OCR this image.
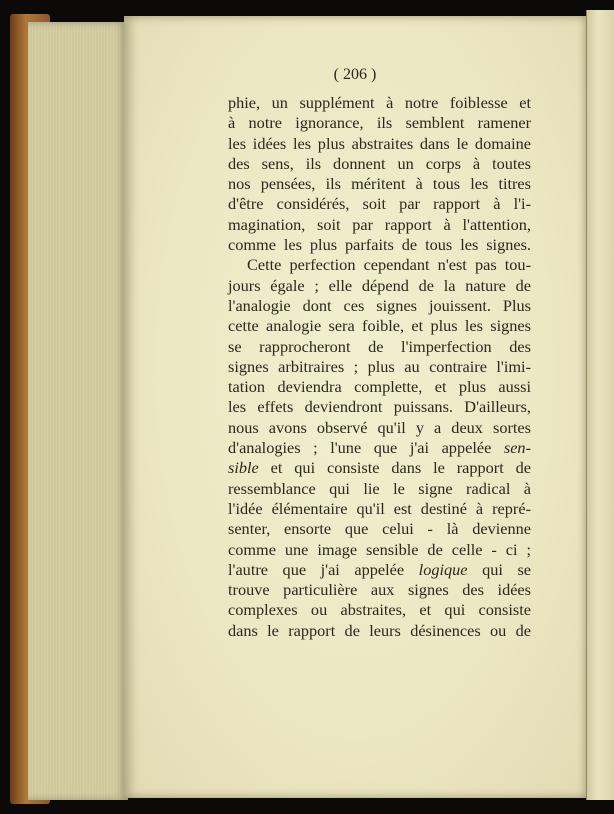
( 206 )
phie, un supplément à notre foiblesse et
à notre ignorance, ils semblent ramener
les idées les plus abstraites dans le domaine
des sens, ils donnent un corps à toutes
nos pensées, ils méritent à tous les titres
d'être considérés, soit par rapport à l'i-
magination, soit par rapport à l'attention,
comme les plus parfaits de tous les signes.
Cette perfection cependant n'est pas tou-
jours égale ; elle dépend de la nature de
l'analogie dont ces signes jouissent. Plus
cette analogie sera foible, et plus les signes
se rapprocheront de l'imperfection des
signes arbitraires ; plus au contraire l'imi-
tation deviendra complette, et plus aussi
les effets deviendront puissans. D'ailleurs,
nous avons observé qu'il y a deux sortes
d'analogies ; l'une que j'ai appelée sen-
sible et qui consiste dans le rapport de
ressemblance qui lie le signe radical à
l'idée élémentaire qu'il est destiné à repré-
senter, ensorte que celui - là devienne
comme une image sensible de celle - ci ;
l'autre que j'ai appelée logique qui se
trouve particulière aux signes des idées
complexes ou abstraites, et qui consiste
dans le rapport de leurs désinences ou de
